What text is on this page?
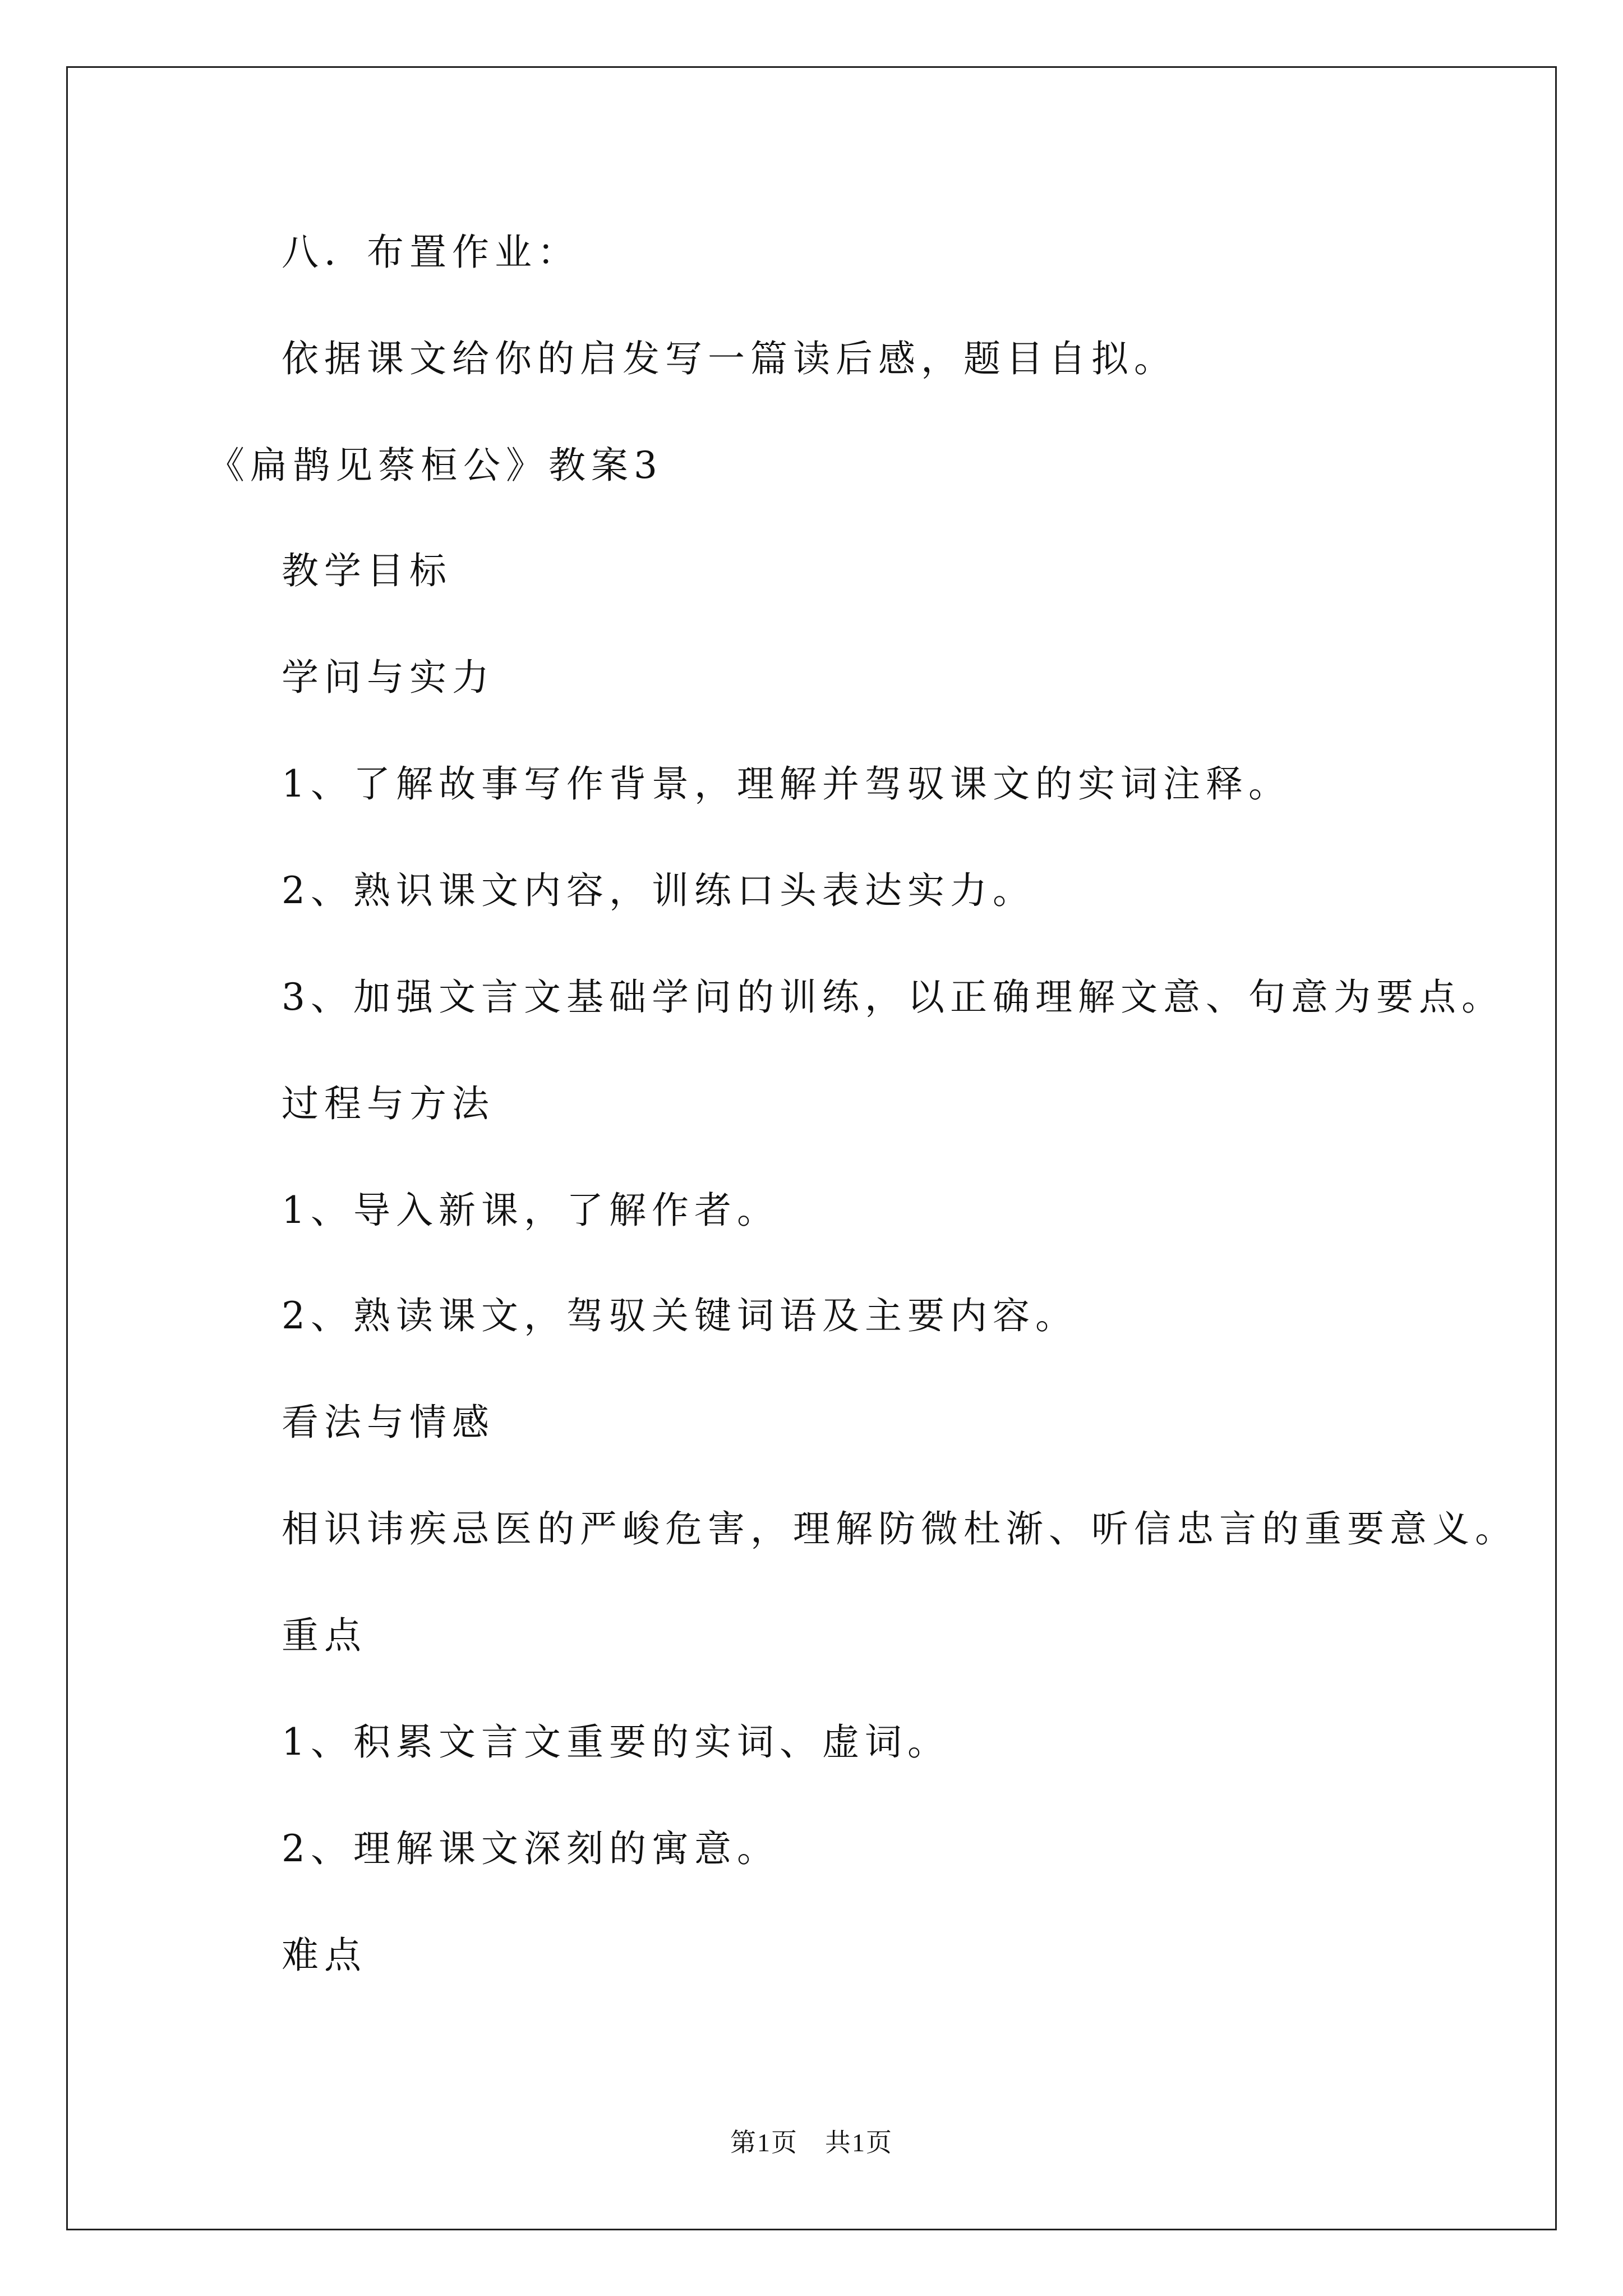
八．布置作业：
依据课文给你的启发写一篇读后感，题目自拟。
《扁鹊见蔡桓公》教案3
教学目标
学问与实力
1、了解故事写作背景，理解并驾驭课文的实词注释。
2、熟识课文内容，训练口头表达实力。
3、加强文言文基础学问的训练，以正确理解文意、句意为要点。
过程与方法
1、导入新课，了解作者。
2、熟读课文，驾驭关键词语及主要内容。
看法与情感
相识讳疾忌医的严峻危害，理解防微杜渐、听信忠言的重要意义。
重点
1、积累文言文重要的实词、虚词。
2、理解课文深刻的寓意。
难点
第1页　共1页
